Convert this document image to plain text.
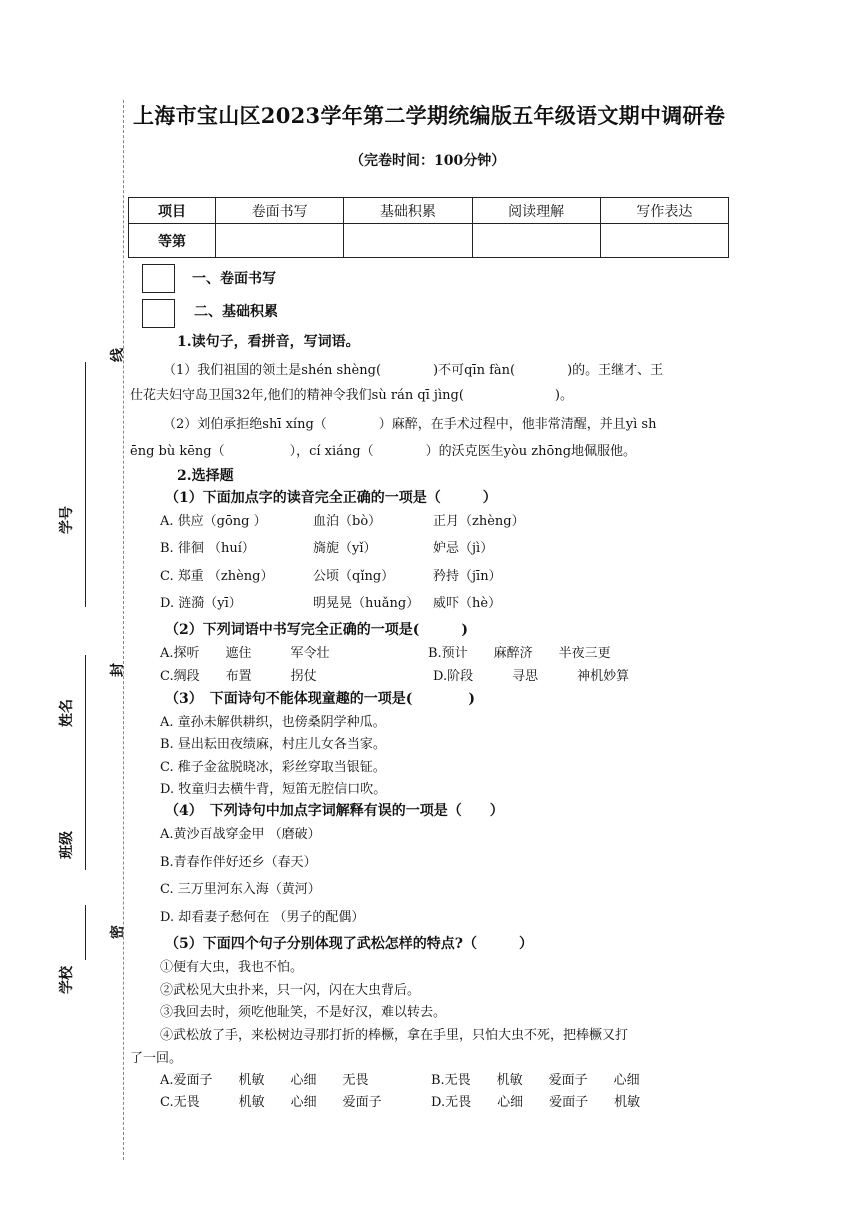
线
封
密
学号
姓名
班级
学校
上海市宝山区2023学年第二学期统编版五年级语文期中调研卷
（完卷时间：100分钟）
项目	卷面书写	基础积累	阅读理解	写作表达
等第				
一、卷面书写
二、基础积累
1.读句子，看拼音，写词语。
（1）我们祖国的领土是shén shèng(　　　　)不可qīn fàn(　　　　)的。王继才、王
仕花夫妇守岛卫国32年,他们的精神令我们sù rán qī jìng(　　　　　　　)。
（2）刘伯承拒绝shī xíng（　　　　）麻醉，在手术过程中，他非常清醒，并且yì sh
ēng bù kēng（　　　　　），cí xiáng（　　　　）的沃克医生yòu zhōng地佩服他。
2.选择题
（1）下面加点字的读音完全正确的一项是（　　　）
A. 供应（gōng ）	血泊（bò）	正月（zhèng）
B. 徘徊 （huí）	旖旎（yǐ）	妒忌（jì）
C. 郑重 （zhèng）	公顷（qǐng）	矜持（jīn）
D. 涟漪（yī）	明晃晃（huǎng） 威吓（hè）
（2）下列词语中书写完全正确的一项是(　　　)
A.探听　　遮住　　　军令壮	B.预计　　麻醉济　　半夜三更
C.绸段　　布置　　　拐仗	D.阶段　　　寻思　　　神机妙算
（3）　下面诗句不能体现童趣的一项是(　　　　)
A. 童孙未解供耕织，也傍桑阴学种瓜。
B. 昼出耘田夜绩麻，村庄儿女各当家。
C. 稚子金盆脱晓冰，彩丝穿取当银钲。
D. 牧童归去横牛背，短笛无腔信口吹。
（4）　下列诗句中加点字词解释有误的一项是（　　）
A.黄沙百战穿金甲 （磨破）
B.青春作伴好还乡（春天）
C. 三万里河东入海（黄河）
D. 却看妻子愁何在 （男子的配偶）
（5）下面四个句子分别体现了武松怎样的特点?（　　　）
①便有大虫，我也不怕。
②武松见大虫扑来，只一闪，闪在大虫背后。
③我回去时，须吃他耻笑，不是好汉，难以转去。
④武松放了手，来松树边寻那打折的棒橛，拿在手里，只怕大虫不死，把棒橛又打
了一回。
A.爱面子　　机敏　　心细　　无畏	B.无畏　　机敏　　爱面子　　心细
C.无畏　　　机敏　　心细　　爱面子	D.无畏　　心细　　爱面子　　机敏
